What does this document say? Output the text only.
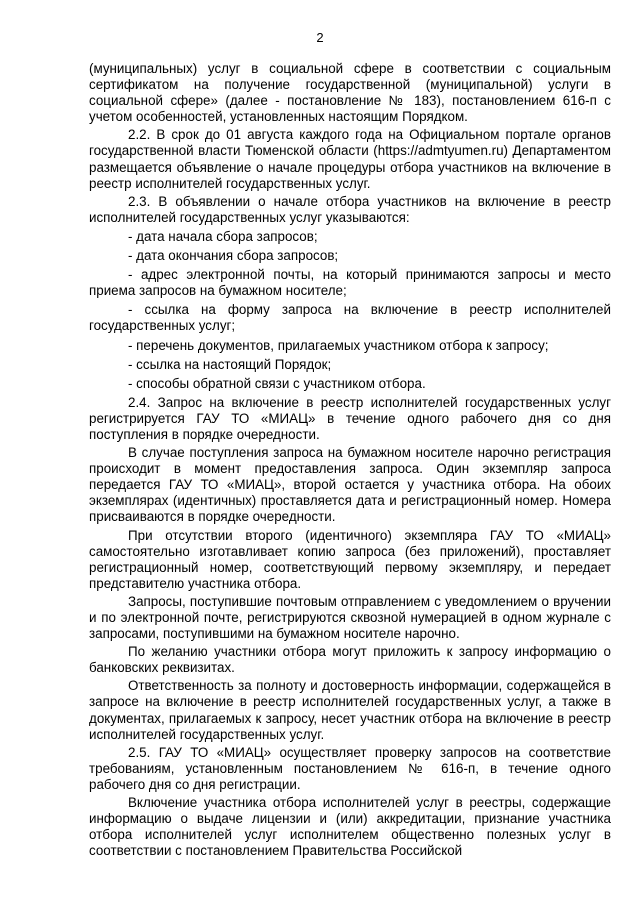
2

(муниципальных) услуг в социальной сфере в соответствии с социальным сертификатом на получение государственной (муниципальной) услуги в социальной сфере» (далее - постановление № 183), постановлением 616-п с учетом особенностей, установленных настоящим Порядком.

2.2. В срок до 01 августа каждого года на Официальном портале органов государственной власти Тюменской области (https://admtyumen.ru) Департаментом размещается объявление о начале процедуры отбора участников на включение в реестр исполнителей государственных услуг.

2.3. В объявлении о начале отбора участников на включение в реестр исполнителей государственных услуг указываются:

- дата начала сбора запросов;

- дата окончания сбора запросов;

- адрес электронной почты, на который принимаются запросы и место приема запросов на бумажном носителе;

- ссылка на форму запроса на включение в реестр исполнителей государственных услуг;

- перечень документов, прилагаемых участником отбора к запросу;

- ссылка на настоящий Порядок;

- способы обратной связи с участником отбора.

2.4. Запрос на включение в реестр исполнителей государственных услуг регистрируется ГАУ ТО «МИАЦ» в течение одного рабочего дня со дня поступления в порядке очередности.

В случае поступления запроса на бумажном носителе нарочно регистрация происходит в момент предоставления запроса. Один экземпляр запроса передается ГАУ ТО «МИАЦ», второй остается у участника отбора. На обоих экземплярах (идентичных) проставляется дата и регистрационный номер. Номера присваиваются в порядке очередности.

При отсутствии второго (идентичного) экземпляра ГАУ ТО «МИАЦ» самостоятельно изготавливает копию запроса (без приложений), проставляет регистрационный номер, соответствующий первому экземпляру, и передает представителю участника отбора.

Запросы, поступившие почтовым отправлением с уведомлением о вручении и по электронной почте, регистрируются сквозной нумерацией в одном журнале с запросами, поступившими на бумажном носителе нарочно.

По желанию участники отбора могут приложить к запросу информацию о банковских реквизитах.

Ответственность за полноту и достоверность информации, содержащейся в запросе на включение в реестр исполнителей государственных услуг, а также в документах, прилагаемых к запросу, несет участник отбора на включение в реестр исполнителей государственных услуг.

2.5. ГАУ ТО «МИАЦ» осуществляет проверку запросов на соответствие требованиям, установленным постановлением № 616-п, в течение одного рабочего дня со дня регистрации.

Включение участника отбора исполнителей услуг в реестры, содержащие информацию о выдаче лицензии и (или) аккредитации, признание участника отбора исполнителей услуг исполнителем общественно полезных услуг в соответствии с постановлением Правительства Российской
